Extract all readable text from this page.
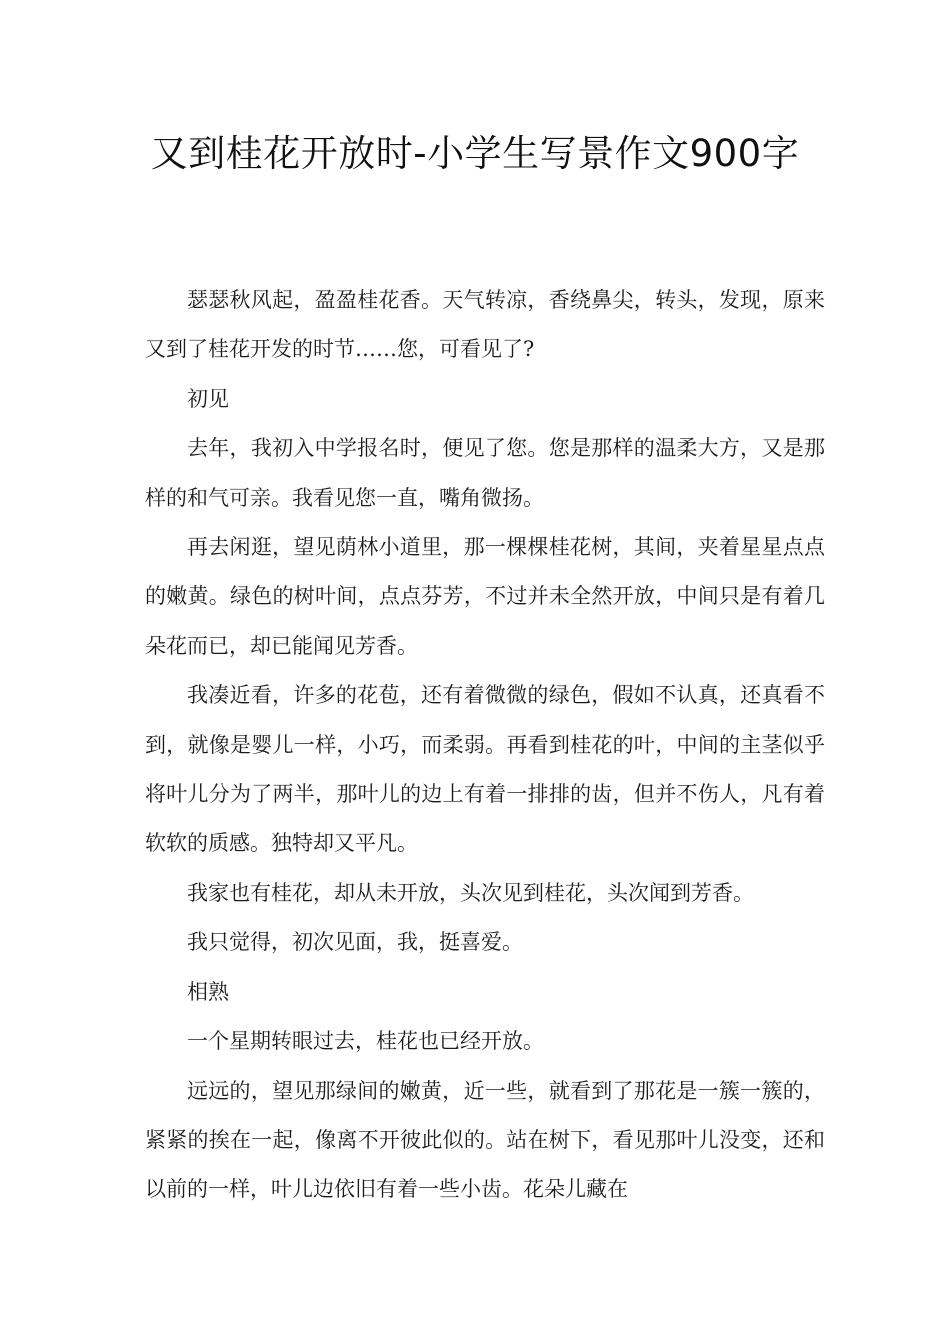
又到桂花开放时-小学生写景作文900字

瑟瑟秋风起，盈盈桂花香。天气转凉，香绕鼻尖，转头，发现，原来又到了桂花开发的时节……您，可看见了?

初见

去年，我初入中学报名时，便见了您。您是那样的温柔大方，又是那样的和气可亲。我看见您一直，嘴角微扬。

再去闲逛，望见荫林小道里，那一棵棵桂花树，其间，夹着星星点点的嫩黄。绿色的树叶间，点点芬芳，不过并未全然开放，中间只是有着几朵花而已，却已能闻见芳香。

我凑近看，许多的花苞，还有着微微的绿色，假如不认真，还真看不到，就像是婴儿一样，小巧，而柔弱。再看到桂花的叶，中间的主茎似乎将叶儿分为了两半，那叶儿的边上有着一排排的齿，但并不伤人，凡有着软软的质感。独特却又平凡。

我家也有桂花，却从未开放，头次见到桂花，头次闻到芳香。

我只觉得，初次见面，我，挺喜爱。

相熟

一个星期转眼过去，桂花也已经开放。

远远的，望见那绿间的嫩黄，近一些，就看到了那花是一簇一簇的，紧紧的挨在一起，像离不开彼此似的。站在树下，看见那叶儿没变，还和以前的一样，叶儿边依旧有着一些小齿。花朵儿藏在
